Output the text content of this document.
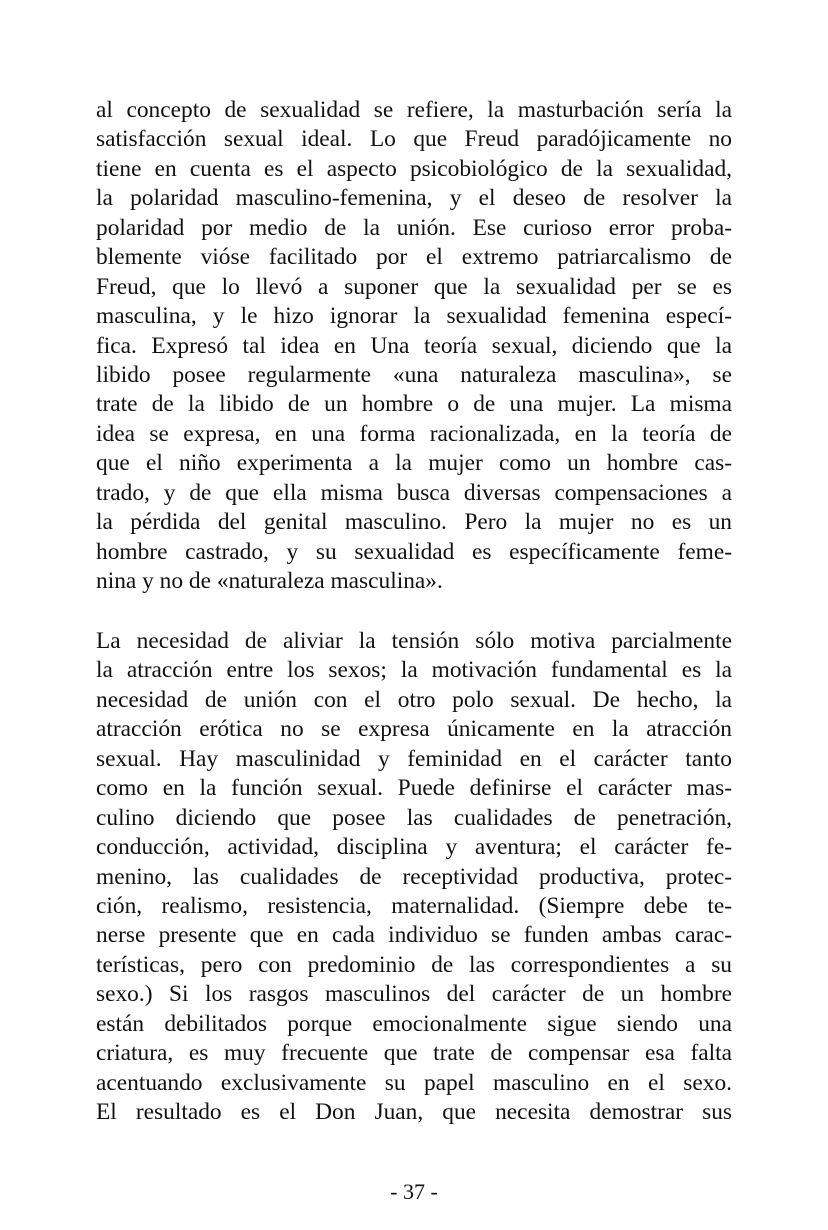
al concepto de sexualidad se refiere, la masturbación sería la
satisfacción sexual ideal. Lo que Freud paradójicamente no
tiene en cuenta es el aspecto psicobiológico de la sexualidad,
la polaridad masculino-femenina, y el deseo de resolver la
polaridad por medio de la unión. Ese curioso error proba-
blemente vióse facilitado por el extremo patriarcalismo de
Freud, que lo llevó a suponer que la sexualidad per se es
masculina, y le hizo ignorar la sexualidad femenina especí-
fica. Expresó tal idea en Una teoría sexual, diciendo que la
libido posee regularmente «una naturaleza masculina», se
trate de la libido de un hombre o de una mujer. La misma
idea se expresa, en una forma racionalizada, en la teoría de
que el niño experimenta a la mujer como un hombre cas-
trado, y de que ella misma busca diversas compensaciones a
la pérdida del genital masculino. Pero la mujer no es un
hombre castrado, y su sexualidad es específicamente feme-
nina y no de «naturaleza masculina».
La necesidad de aliviar la tensión sólo motiva parcialmente
la atracción entre los sexos; la motivación fundamental es la
necesidad de unión con el otro polo sexual. De hecho, la
atracción erótica no se expresa únicamente en la atracción
sexual. Hay masculinidad y feminidad en el carácter tanto
como en la función sexual. Puede definirse el carácter mas-
culino diciendo que posee las cualidades de penetración,
conducción, actividad, disciplina y aventura; el carácter fe-
menino, las cualidades de receptividad productiva, protec-
ción, realismo, resistencia, maternalidad. (Siempre debe te-
nerse presente que en cada individuo se funden ambas carac-
terísticas, pero con predominio de las correspondientes a su
sexo.) Si los rasgos masculinos del carácter de un hombre
están debilitados porque emocionalmente sigue siendo una
criatura, es muy frecuente que trate de compensar esa falta
acentuando exclusivamente su papel masculino en el sexo.
El resultado es el Don Juan, que necesita demostrar sus
- 37 -
